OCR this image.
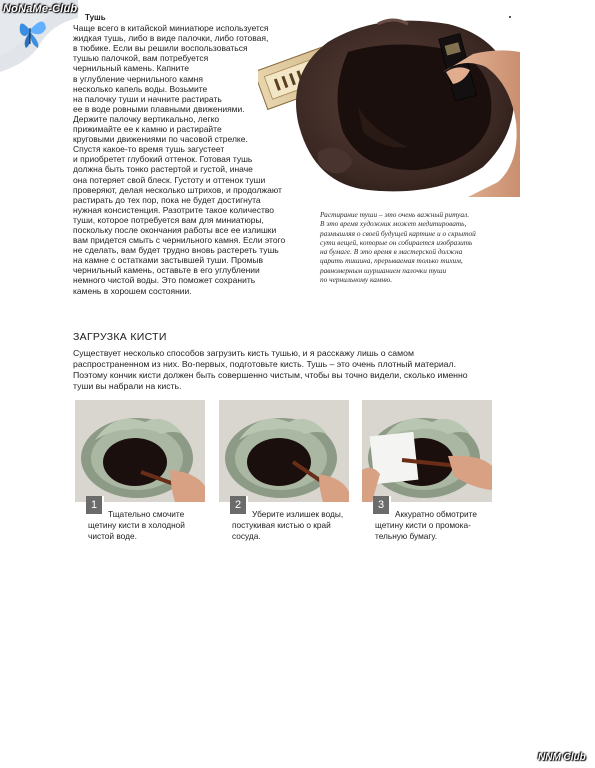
NoNaMe-Club

Тушь

Чаще всего в китайской миниатюре используется

жидкая тушь, либо в виде палочки, либо готовая,

в тюбике. Если вы решили воспользоваться

тушью палочкой, вам потребуется

чернильный камень. Капните

в углубление чернильного камня

несколько капель воды. Возьмите

на палочку туши и начните растирать

ее в воде ровными плавными движениями.

Держите палочку вертикально, легко

прижимайте ее к камню и растирайте

круговыми движениями по часовой стрелке.

Спустя какое-то время тушь загустеет

и приобретет глубокий оттенок. Готовая тушь

должна быть тонко растертой и густой, иначе

она потеряет свой блеск. Густоту и оттенок туши

проверяют, делая несколько штрихов, и продолжают

растирать до тех пор, пока не будет достигнута

нужная консистенция. Разотрите такое количество

туши, которое потребуется вам для миниатюры,

поскольку после окончания работы все ее излишки

вам придется смыть с чернильного камня. Если этого

не сделать, вам будет трудно вновь растереть тушь

на камне с остатками застывшей туши. Промыв

чернильный камень, оставьте в его углублении

немного чистой воды. Это поможет сохранить

камень в хорошем состоянии.

Растирание туши – это очень важный ритуал.
В это время художник может медитировать,
размышляя о своей будущей картине и о скрытой
сути вещей, которые он собирается изобразить
на бумаге. В это время в мастерской должна
царить тишина, прерываемая только тихим,
равномерным шуршанием палочки туши
по чернильному камню.
ЗАГРУЗКА КИСТИ
Существует несколько способов загрузить кисть тушью, и я расскажу лишь о самом
распространенном из них. Во-первых, подготовьте кисть. Тушь – это очень плотный материал.
Поэтому кончик кисти должен быть совершенно чистым, чтобы вы точно видели, сколько именно
туши вы набрали на кисть.
1	2	3
Тщательно смочите
щетину кисти в холодной
чистой воде.
Уберите излишек воды,
постукивая кистью о край
сосуда.
Аккуратно обмотрите
щетину кисти о промока-
тельную бумагу.
NNM Club
